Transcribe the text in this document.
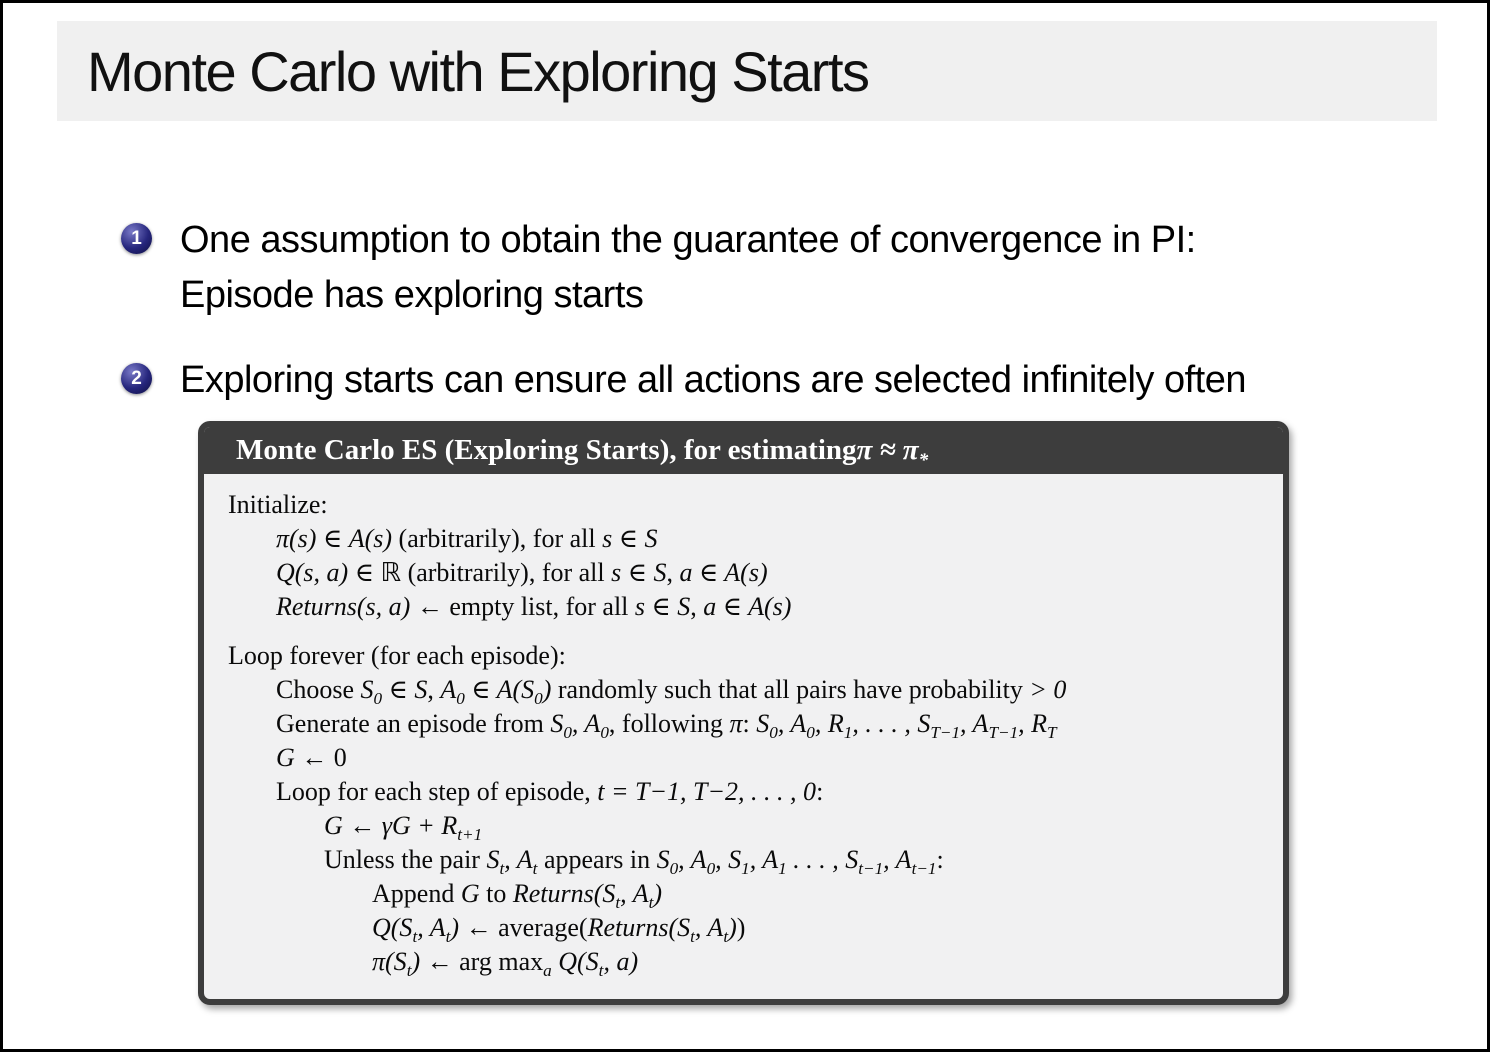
Monte Carlo with Exploring Starts
1 One assumption to obtain the guarantee of convergence in PI:
Episode has exploring starts
2 Exploring starts can ensure all actions are selected infinitely often
Monte Carlo ES (Exploring Starts), for estimating $\pi \approx \pi_*$
Initialize:
π(s) ∈ A(s) (arbitrarily), for all s ∈ S
Q(s, a) ∈ ℝ (arbitrarily), for all s ∈ S, a ∈ A(s)
Returns(s, a) ← empty list, for all s ∈ S, a ∈ A(s)
Loop forever (for each episode):
Choose $S_0$ ∈ S, $A_0$ ∈ $A(S_0)$ randomly such that all pairs have probability > 0
Generate an episode from $S_0$, $A_0$, following π: $S_0$, $A_0$, $R_1$, . . . , $S_{T-1}$, $A_{T-1}$, $R_T$
G ← 0
Loop for each step of episode, t = T−1, T−2, . . . , 0:
G ← $\gamma G + R_{t+1}$
Unless the pair $S_t$, $A_t$ appears in $S_0$, $A_0$, $S_1$, $A_1$ . . . , $S_{t-1}$, $A_{t-1}$:
Append G to $Returns(S_t$, $A_t$)
$Q(S_t$, $A_t$) ← $average(Returns(S_t$, $A_t$))
$\pi(S_t)$ ← arg $\max_a Q(S_t$, a)
